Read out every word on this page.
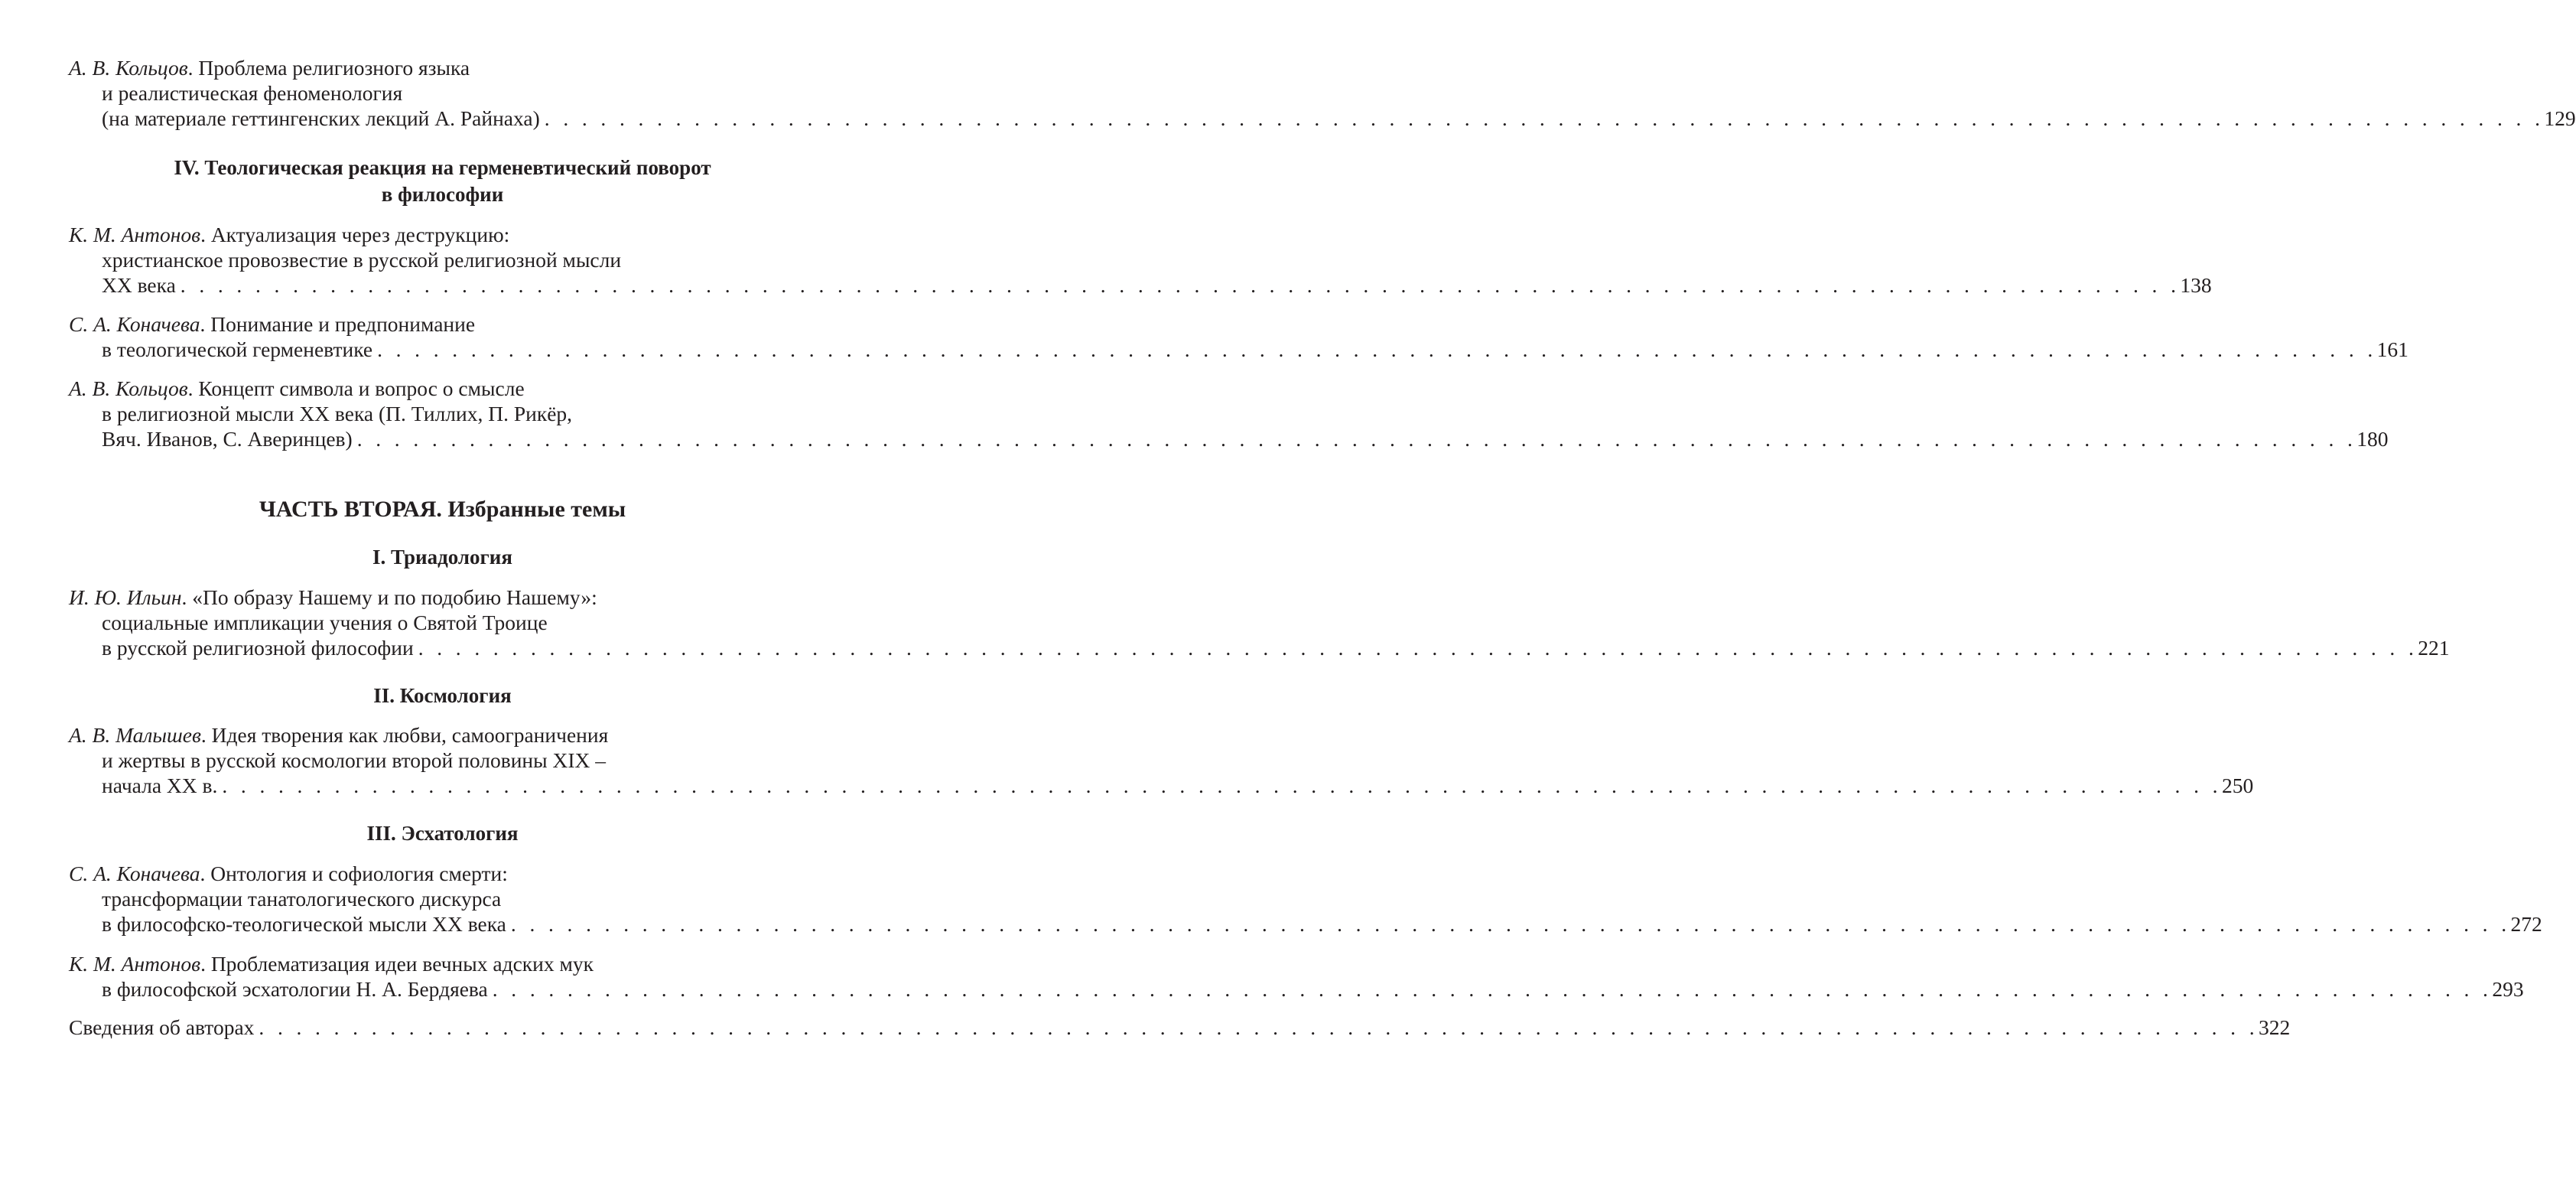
А. В. Кольцов. Проблема религиозного языка
и реалистическая феноменология
(на материале геттингенских лекций А. Райнаха) . . . . . . . . . . . . . . . . . . . . . . . . . . . . . . . . . . . . . . . . . . . . . . . . . . . . . . . . . . . . . . . . . . . . . . . . . . . . . . . . . . . . . . . . . . . . . . . . . . . . . . . . . . . 129
IV. Теологическая реакция на герменевтический поворот
в философии
К. М. Антонов. Актуализация через деструкцию:
христианское провозвестие в русской религиозной мысли
XX века . . . . . . . . . . . . . . . . . . . . . . . . . . . . . . . . . . . . . . . . . . . . . . . . . . . . . . . . . . . . . . . . . . . . . . . . . . . . . . . . . . . . . . . . . . . . . . . . . . . . . . . . . . . 138
С. А. Коначева. Понимание и предпонимание
в теологической герменевтике . . . . . . . . . . . . . . . . . . . . . . . . . . . . . . . . . . . . . . . . . . . . . . . . . . . . . . . . . . . . . . . . . . . . . . . . . . . . . . . . . . . . . . . . . . . . . . . . . . . . . . . . . . . 161
А. В. Кольцов. Концепт символа и вопрос о смысле
в религиозной мысли XX века (П. Тиллих, П. Рикёр,
Вяч. Иванов, С. Аверинцев) . . . . . . . . . . . . . . . . . . . . . . . . . . . . . . . . . . . . . . . . . . . . . . . . . . . . . . . . . . . . . . . . . . . . . . . . . . . . . . . . . . . . . . . . . . . . . . . . . . . . . . . . . . . 180
ЧАСТЬ ВТОРАЯ. Избранные темы
I. Триадология
И. Ю. Ильин. «По образу Нашему и по подобию Нашему»:
социальные импликации учения о Святой Троице
в русской религиозной философии . . . . . . . . . . . . . . . . . . . . . . . . . . . . . . . . . . . . . . . . . . . . . . . . . . . . . . . . . . . . . . . . . . . . . . . . . . . . . . . . . . . . . . . . . . . . . . . . . . . . . . . . . . . 221
II. Космология
А. В. Малышев. Идея творения как любви, самоограничения
и жертвы в русской космологии второй половины XIX –
начала XX в. . . . . . . . . . . . . . . . . . . . . . . . . . . . . . . . . . . . . . . . . . . . . . . . . . . . . . . . . . . . . . . . . . . . . . . . . . . . . . . . . . . . . . . . . . . . . . . . . . . . . . . . . . . . 250
III. Эсхатология
С. А. Коначева. Онтология и софиология смерти:
трансформации танатологического дискурса
в философско-теологической мысли XX века . . . . . . . . . . . . . . . . . . . . . . . . . . . . . . . . . . . . . . . . . . . . . . . . . . . . . . . . . . . . . . . . . . . . . . . . . . . . . . . . . . . . . . . . . . . . . . . . . . . . . . . . . . . 272
К. М. Антонов. Проблематизация идеи вечных адских мук
в философской эсхатологии Н. А. Бердяева . . . . . . . . . . . . . . . . . . . . . . . . . . . . . . . . . . . . . . . . . . . . . . . . . . . . . . . . . . . . . . . . . . . . . . . . . . . . . . . . . . . . . . . . . . . . . . . . . . . . . . . . . . . 293
Сведения об авторах . . . . . . . . . . . . . . . . . . . . . . . . . . . . . . . . . . . . . . . . . . . . . . . . . . . . . . . . . . . . . . . . . . . . . . . . . . . . . . . . . . . . . . . . . . . . . . . . . . . . . . . . . . . 322
